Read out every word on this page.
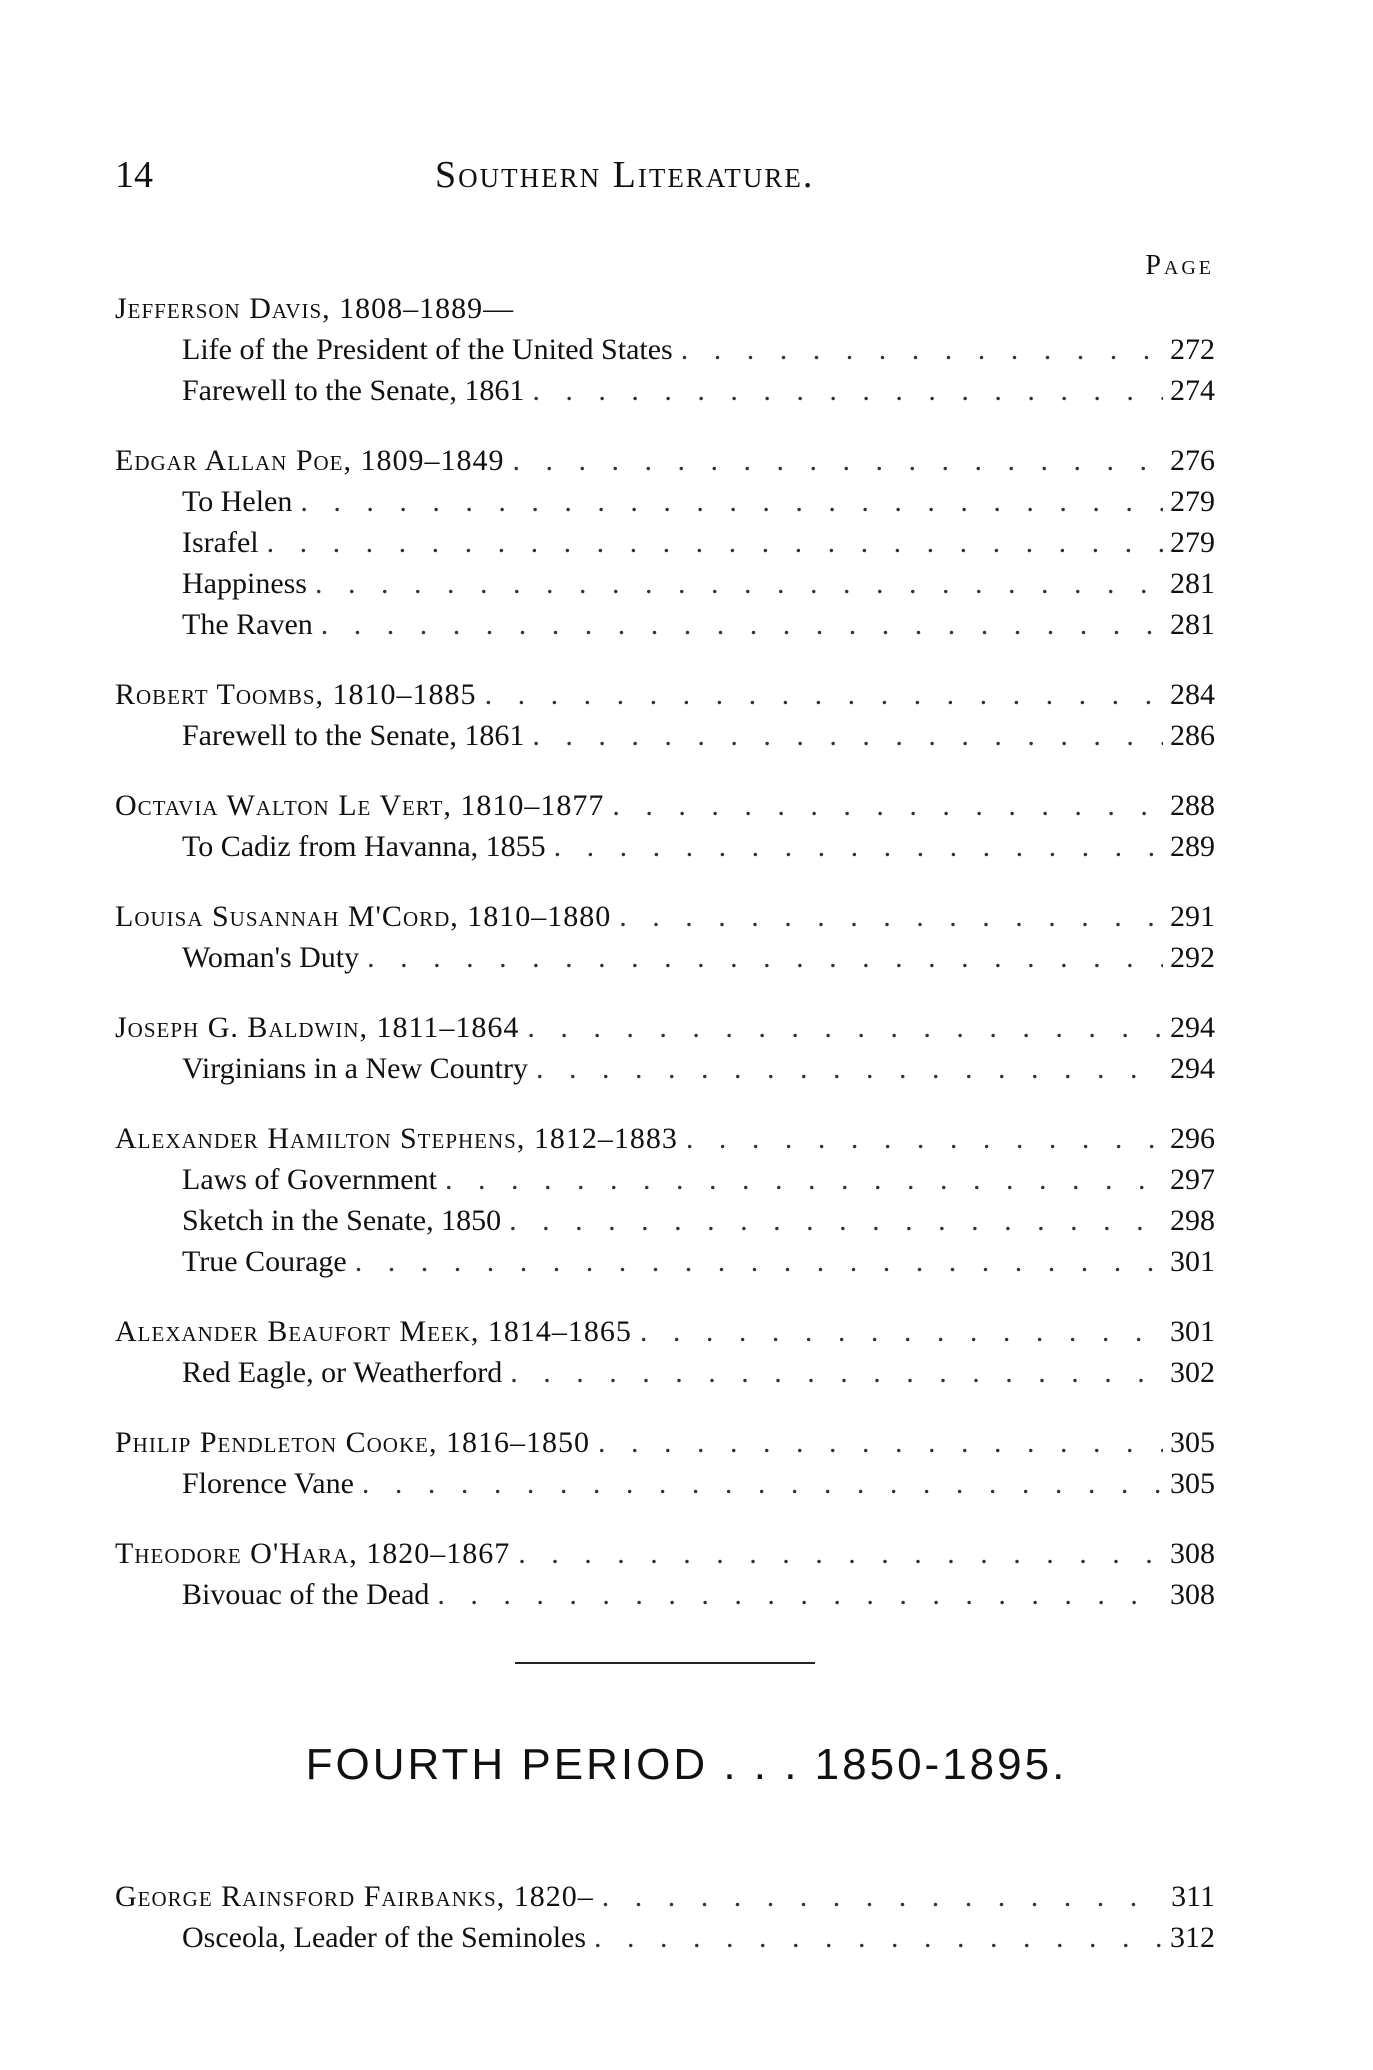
14	Southern Literature.
Page
Jefferson Davis, 1808–1889—
Life of the President of the United States . . .	272
Farewell to the Senate, 1861 . . .	274
Edgar Allan Poe, 1809–1849 . . .	276
To Helen . . .	279
Israfel . . .	279
Happiness . . .	281
The Raven . . .	281
Robert Toombs, 1810–1885 . . .	284
Farewell to the Senate, 1861 . . .	286
Octavia Walton Le Vert, 1810–1877 . . .	288
To Cadiz from Havanna, 1855 . . .	289
Louisa Susannah M'Cord, 1810–1880 . . .	291
Woman's Duty . . .	292
Joseph G. Baldwin, 1811–1864 . . .	294
Virginians in a New Country . . .	294
Alexander Hamilton Stephens, 1812–1883 . . .	296
Laws of Government . . .	297
Sketch in the Senate, 1850 . . .	298
True Courage . . .	301
Alexander Beaufort Meek, 1814–1865 . . .	301
Red Eagle, or Weatherford . . .	302
Philip Pendleton Cooke, 1816–1850 . . .	305
Florence Vane . . .	305
Theodore O'Hara, 1820–1867 . . .	308
Bivouac of the Dead . . .	308
FOURTH PERIOD . . . 1850-1895.
George Rainsford Fairbanks, 1820– . . .	311
Osceola, Leader of the Seminoles . . .	312
